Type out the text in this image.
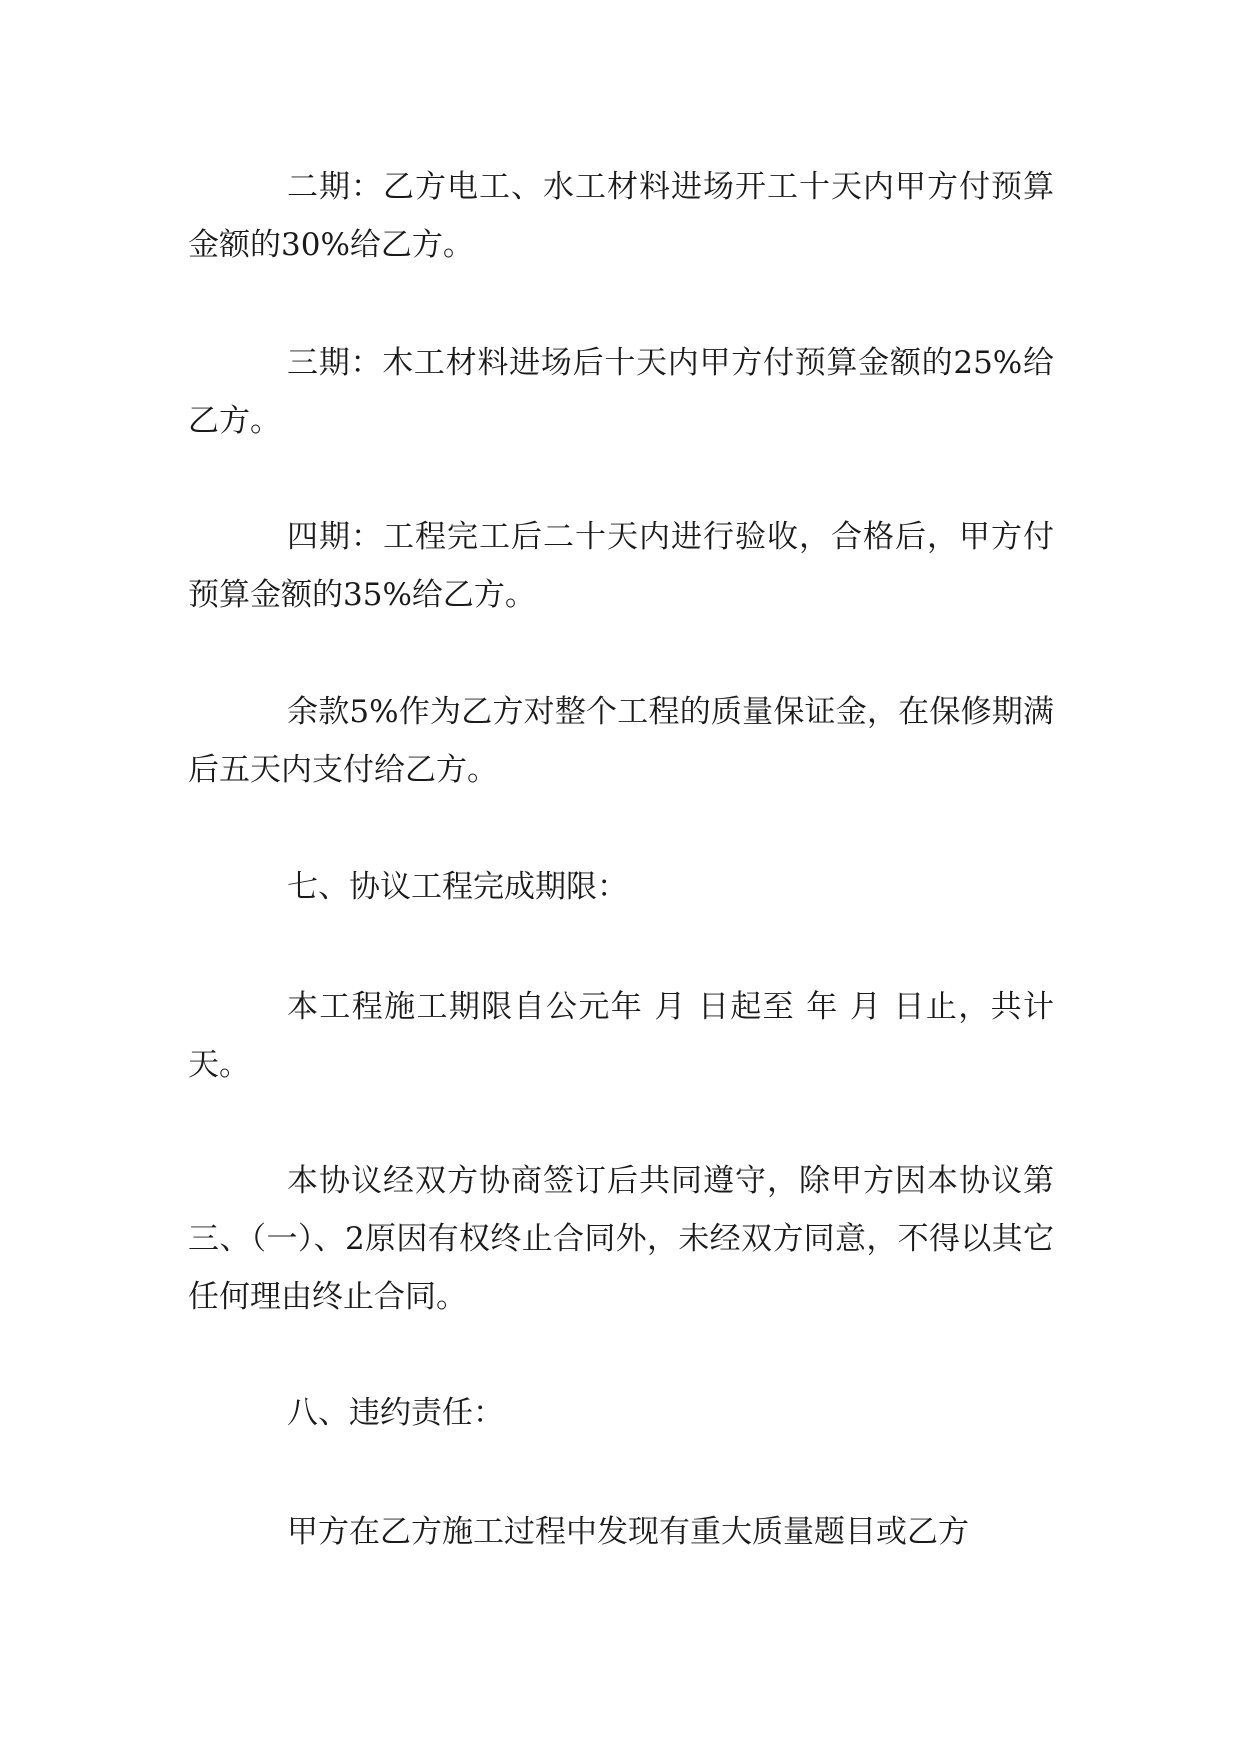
二期：乙方电工、水工材料进场开工十天内甲方付预算金额的30%给乙方。

三期：木工材料进场后十天内甲方付预算金额的25%给乙方。

四期：工程完工后二十天内进行验收，合格后，甲方付预算金额的35%给乙方。

余款5%作为乙方对整个工程的质量保证金，在保修期满后五天内支付给乙方。

七、协议工程完成期限：

本工程施工期限自公元年 月 日起至 年 月 日止，共计天。

本协议经双方协商签订后共同遵守，除甲方因本协议第三、（一）、2原因有权终止合同外，未经双方同意，不得以其它任何理由终止合同。

八、违约责任：

甲方在乙方施工过程中发现有重大质量题目或乙方
